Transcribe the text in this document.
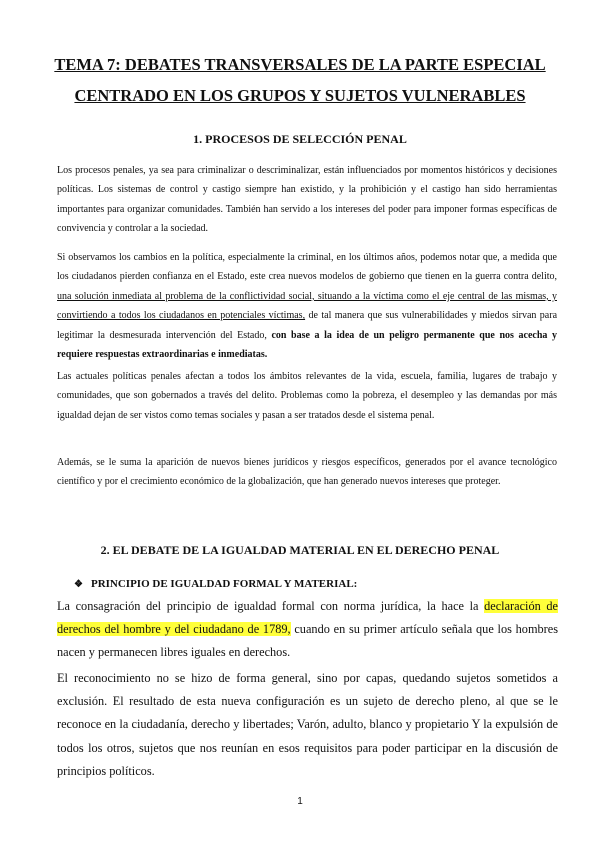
TEMA 7: DEBATES TRANSVERSALES DE LA PARTE ESPECIAL
CENTRADO EN LOS GRUPOS Y SUJETOS VULNERABLES
1. PROCESOS DE SELECCIÓN PENAL

Los procesos penales, ya sea para criminalizar o descriminalizar, están influenciados por momentos históricos y decisiones políticas. Los sistemas de control y castigo siempre han existido, y la prohibición y el castigo han sido herramientas importantes para organizar comunidades. También han servido a los intereses del poder para imponer formas específicas de convivencia y controlar a la sociedad.

Si observamos los cambios en la política, especialmente la criminal, en los últimos años, podemos notar que, a medida que los ciudadanos pierden confianza en el Estado, este crea nuevos modelos de gobierno que tienen en la guerra contra delito, una solución inmediata al problema de la conflictividad social, situando a la víctima como el eje central de las mismas, y convirtiendo a todos los ciudadanos en potenciales víctimas, de tal manera que sus vulnerabilidades y miedos sirvan para legitimar la desmesurada intervención del Estado, con base a la idea de un peligro permanente que nos acecha y requiere respuestas extraordinarias e inmediatas.

Las actuales políticas penales afectan a todos los ámbitos relevantes de la vida, escuela, familia, lugares de trabajo y comunidades, que son gobernados a través del delito. Problemas como la pobreza, el desempleo y las demandas por más igualdad dejan de ser vistos como temas sociales y pasan a ser tratados desde el sistema penal.

Además, se le suma la aparición de nuevos bienes jurídicos y riesgos específicos, generados por el avance tecnológico científico y por el crecimiento económico de la globalización, que han generado nuevos intereses que proteger.

2. EL DEBATE DE LA IGUALDAD MATERIAL EN EL DERECHO PENAL
❖ PRINCIPIO DE IGUALDAD FORMAL Y MATERIAL:

La consagración del principio de igualdad formal con norma jurídica, la hace la declaración de derechos del hombre y del ciudadano de 1789, cuando en su primer artículo señala que los hombres nacen y permanecen libres iguales en derechos.

El reconocimiento no se hizo de forma general, sino por capas, quedando sujetos sometidos a exclusión. El resultado de esta nueva configuración es un sujeto de derecho pleno, al que se le reconoce en la ciudadanía, derecho y libertades; Varón, adulto, blanco y propietario Y la expulsión de todos los otros, sujetos que nos reunían en esos requisitos para poder participar en la discusión de principios políticos.

1
